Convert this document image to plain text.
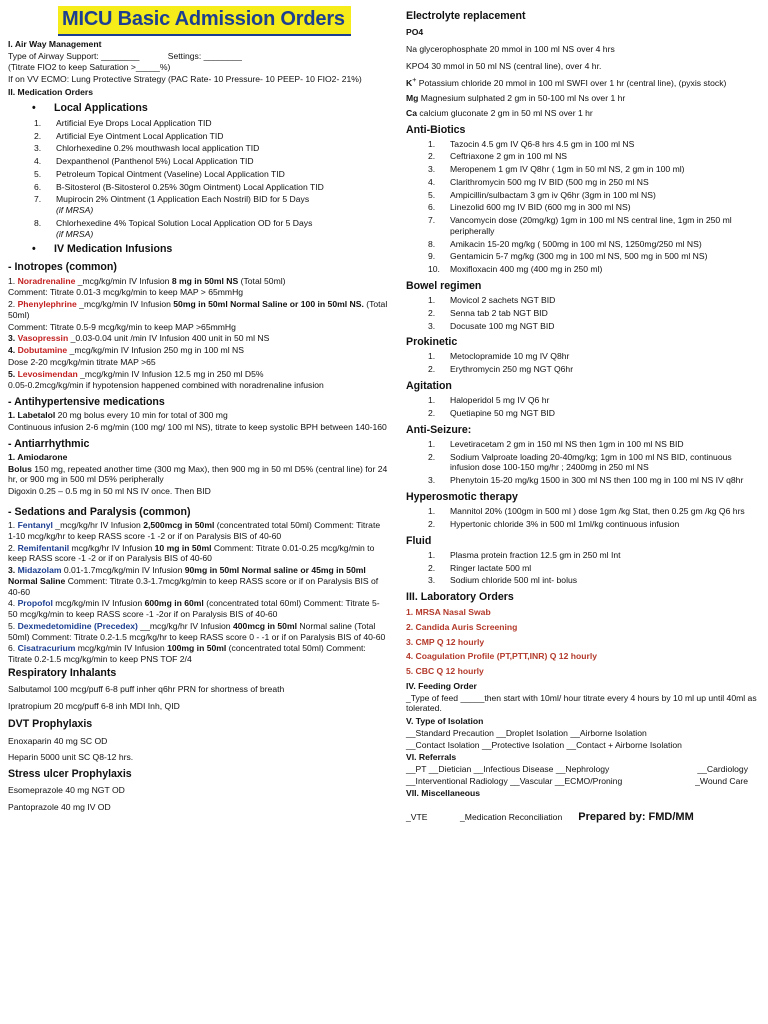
MICU Basic Admission Orders
I. Air Way Management
Type of Airway Support: ________	Settings: ________
(Titrate FIO2 to keep Saturation >_____%)
If on VV ECMO: Lung Protective Strategy (PAC Rate- 10 Pressure- 10 PEEP- 10 FIO2- 21%)
II. Medication Orders
•	Local Applications
1.	Artificial Eye Drops Local Application TID
2.	Artificial Eye Ointment Local Application TID
3.	Chlorhexedine 0.2% mouthwash local application TID
4.	Dexpanthenol (Panthenol 5%) Local Application TID
5.	Petroleum Topical Ointment (Vaseline) Local Application TID
6.	B-Sitosterol (B-Sitosterol 0.25% 30gm Ointment) Local Application TID
7.	Mupirocin 2% Ointment (1 Application Each Nostril) BID for 5 Days
(if MRSA)
8.	Chlorhexedine 4% Topical Solution Local Application OD for 5 Days
(if MRSA)
•	IV Medication Infusions
- Inotropes (common)
1. Noradrenaline _mcg/kg/min IV Infusion 8 mg in 50ml NS (Total 50ml)
Comment: Titrate 0.01-3 mcg/kg/min to keep MAP > 65mmHg
2. Phenylephrine _mcg/kg/min IV Infusion 50mg in 50ml Normal Saline or 100 in 50ml NS. (Total 50ml)
Comment: Titrate 0.5-9 mcg/kg/min to keep MAP >65mmHg
3. Vasopressin _0.03-0.04 unit /min IV Infusion 400 unit in 50 ml NS
4. Dobutamine _mcg/kg/min IV Infusion 250 mg in 100 ml NS
Dose 2-20 mcg/kg/min titrate MAP >65
5. Levosimendan _mcg/kg/min IV Infusion 12.5 mg in 250 ml D5%
0.05-0.2mcg/kg/min if hypotension happened combined with noradrenaline infusion
- Antihypertensive medications
1. Labetalol 20 mg bolus every 10 min for total of 300 mg
Continuous infusion 2-6 mg/min (100 mg/ 100 ml NS), titrate to keep systolic BPH between 140-160
- Antiarrhythmic
1. Amiodarone
Bolus 150 mg, repeated another time (300 mg Max), then 900 mg in 50 ml D5% (central line) for 24 hr, or 900 mg in 500 ml D5% peripherally
Digoxin 0.25 – 0.5 mg in 50 ml NS IV once. Then BID
- Sedations and Paralysis (common)
1. Fentanyl _mcg/kg/hr IV Infusion 2,500mcg in 50ml (concentrated total 50ml) Comment: Titrate 1-10 mcg/kg/hr to keep RASS score -1 -2 or if on Paralysis BIS of 40-60
2. Remifentanil mcg/kg/hr IV Infusion 10 mg in 50ml Comment: Titrate 0.01-0.25 mcg/kg/min to keep RASS score -1 -2 or if on Paralysis BIS of 40-60
3. Midazolam 0.01-1.7mcg/kg/min IV Infusion 90mg in 50ml Normal saline or 45mg in 50ml Normal Saline Comment: Titrate 0.3-1.7mcg/kg/min to keep RASS score or if on Paralysis BIS of 40-60
4. Propofol mcg/kg/min IV Infusion 600mg in 60ml (concentrated total 60ml) Comment: Titrate 5-50 mcg/kg/min to keep RASS score -1 -2or if on Paralysis BIS of 40-60
5. Dexmedetomidine (Precedex) __mcg/kg/hr IV Infusion 400mcg in 50ml Normal saline (Total 50ml) Comment: Titrate 0.2-1.5 mcg/kg/hr to keep RASS score 0 - -1 or if on Paralysis BIS of 40-60
6. Cisatracurium mcg/kg/min IV Infusion 100mg in 50ml (concentrated total 50ml) Comment: Titrate 0.2-1.5 mcg/kg/min to keep PNS TOF 2/4
Respiratory Inhalants
Salbutamol 100 mcg/puff 6-8 puff inher q6hr PRN for shortness of breath
Ipratropium 20 mcg/puff 6-8 inh MDI Inh, QID
DVT Prophylaxis
Enoxaparin 40 mg SC OD
Heparin 5000 unit SC Q8-12 hrs.
Stress ulcer Prophylaxis
Esomeprazole 40 mg NGT OD
Pantoprazole 40 mg IV OD
Electrolyte replacement
PO4
Na glycerophosphate 20 mmol in 100 ml NS over 4 hrs
KPO4 30 mmol in 50 ml NS (central line), over 4 hr.
K+ Potassium chloride 20 mmol in 100 ml SWFI over 1 hr (central line), (pyxis stock)
Mg Magnesium sulphated 2 gm in 50-100 ml Ns over 1 hr
Ca calcium gluconate 2 gm in 50 ml NS over 1 hr
Anti-Biotics
1.	Tazocin 4.5 gm IV Q6-8 hrs 4.5 gm in 100 ml NS
2.	Ceftriaxone 2 gm in 100 ml NS
3.	Meropenem 1 gm IV Q8hr ( 1gm in 50 ml NS, 2 gm in 100 ml)
4.	Clarithromycin 500 mg IV BID (500 mg in 250 ml NS
5.	Ampicillin/sulbactam 3 gm iv Q6hr (3gm in 100 ml NS)
6.	Linezolid 600 mg IV BID (600 mg in 300 ml NS)
7.	Vancomycin dose (20mg/kg) 1gm in 100 ml NS central line, 1gm in 250 ml peripherally
8.	Amikacin 15-20 mg/kg ( 500mg in 100 ml NS, 1250mg/250 ml NS)
9.	Gentamicin 5-7 mg/kg (300 mg in 100 ml NS, 500 mg in 500 ml NS)
10.	Moxifloxacin 400 mg (400 mg in 250 ml)
Bowel regimen
1.	Movicol 2 sachets NGT BID
2.	Senna tab 2 tab NGT BID
3.	Docusate 100 mg NGT BID
Prokinetic
1.	Metoclopramide 10 mg IV Q8hr
2.	Erythromycin 250 mg NGT Q6hr
Agitation
1.	Haloperidol 5 mg IV Q6 hr
2.	Quetiapine 50 mg NGT BID
Anti-Seizure:
1.	Levetiracetam 2 gm in 150 ml NS then 1gm in 100 ml NS BID
2.	Sodium Valproate loading 20-40mg/kg; 1gm in 100 ml NS BID, continuous infusion dose 100-150 mg/hr ; 2400mg in 250 ml NS
3.	Phenytoin 15-20 mg/kg 1500 in 300 ml NS then 100 mg in 100 ml NS IV q8hr
Hyperosmotic therapy
1.	Mannitol 20% (100gm in 500 ml ) dose 1gm /kg Stat, then 0.25 gm /kg Q6 hrs
2.	Hypertonic chloride 3% in 500 ml 1ml/kg continuous infusion
Fluid
1.	Plasma protein fraction 12.5 gm in 250 ml Int
2.	Ringer lactate 500 ml
3.	Sodium chloride 500 ml int- bolus
III. Laboratory Orders
1. MRSA Nasal Swab
2. Candida Auris Screening
3. CMP Q 12 hourly
4. Coagulation Profile (PT,PTT,INR) Q 12 hourly
5. CBC Q 12 hourly
IV. Feeding Order
_Type of feed _____then start with 10ml/ hour titrate every 4 hours by 10 ml up until 40ml as tolerated.
V. Type of Isolation
__Standard Precaution __Droplet Isolation __Airborne Isolation
__Contact Isolation __Protective Isolation __Contact + Airborne Isolation
VI. Referrals
__PT __Dietician __Infectious Disease __Nephrology	__Cardiology
__Interventional Radiology __Vascular __ECMO/Proning	_Wound Care
VII. Miscellaneous
_VTE	_Medication Reconciliation Prepared by: FMD/MM
